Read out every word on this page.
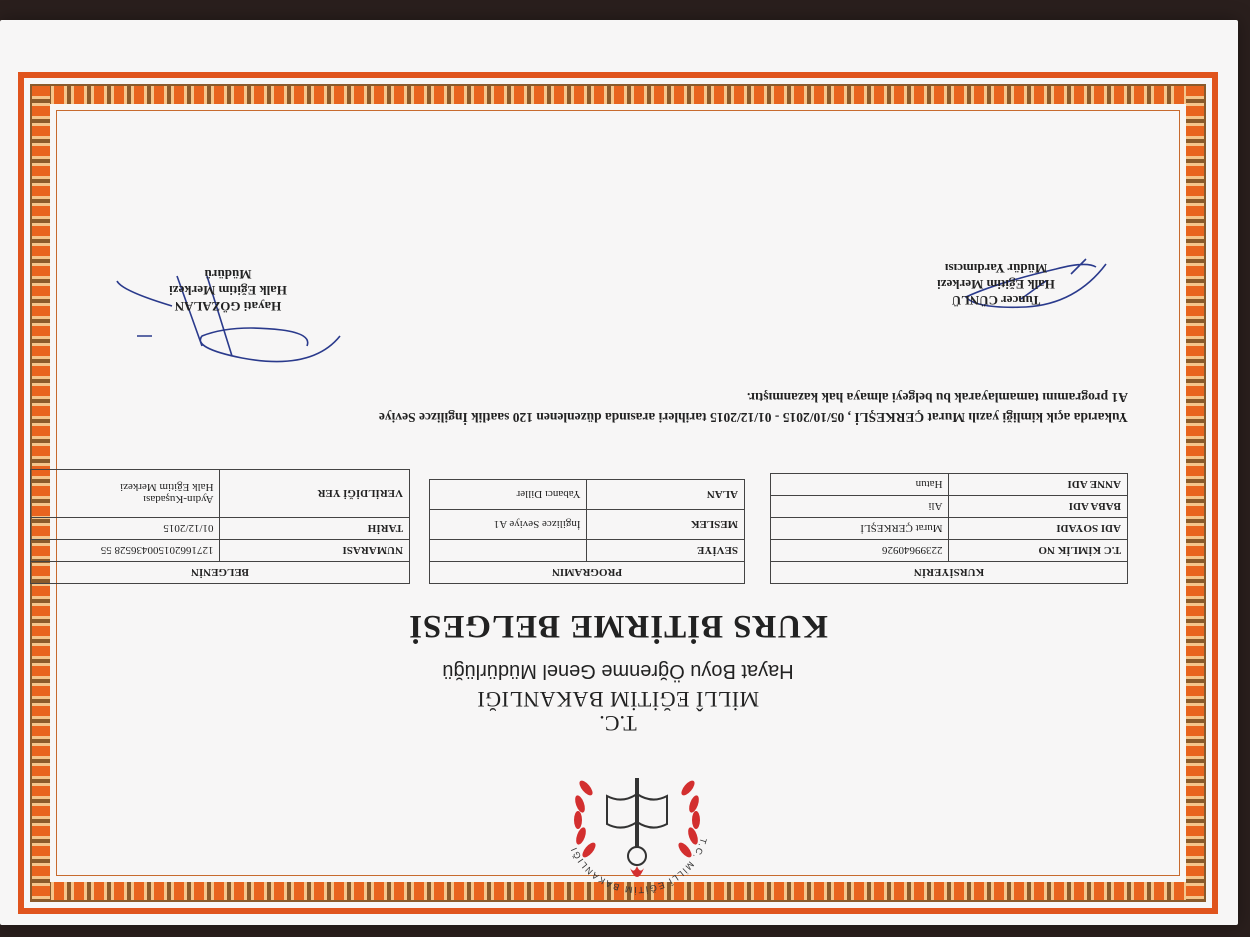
T.C. MİLLÎ EĞİTİM BAKANLIĞI
T.C.
MİLLÎ EĞİTİM BAKANLIĞI
Hayat Boyu Öğrenme Genel Müdürlüğü
KURS BİTİRME BELGESİ
KURSİYERİN	
T.C KİMLİK NO	22399640926
ADI SOYADI	Murat ÇERKEŞLİ
BABA ADI	Ali
ANNE ADI	Hatun
PROGRAMIN	
SEVİYE	
MESLEK	İngilizce Seviye A1
ALAN	Yabancı Diller
BELGENİN	
NUMARASI	127166201500436528 55
TARİH	01/12/2015
VERİLDİĞİ YER	Aydın-Kuşadası
Halk Eğitim Merkezi
Yukarıda açık kimliği yazılı Murat ÇERKEŞLİ , 05/10/2015 - 01/12/2015 tarihleri arasında düzenlenen 120 saatlik İngilizce Seviye
A1 programını tamamlayarak bu belgeyi almaya hak kazanmıştır.
Tuncer CÜNLÜ
Halk Eğitim Merkezi
Müdür Yardımcısı
Hayati GÖZALAN
Halk Eğitim Merkezi
Müdürü
